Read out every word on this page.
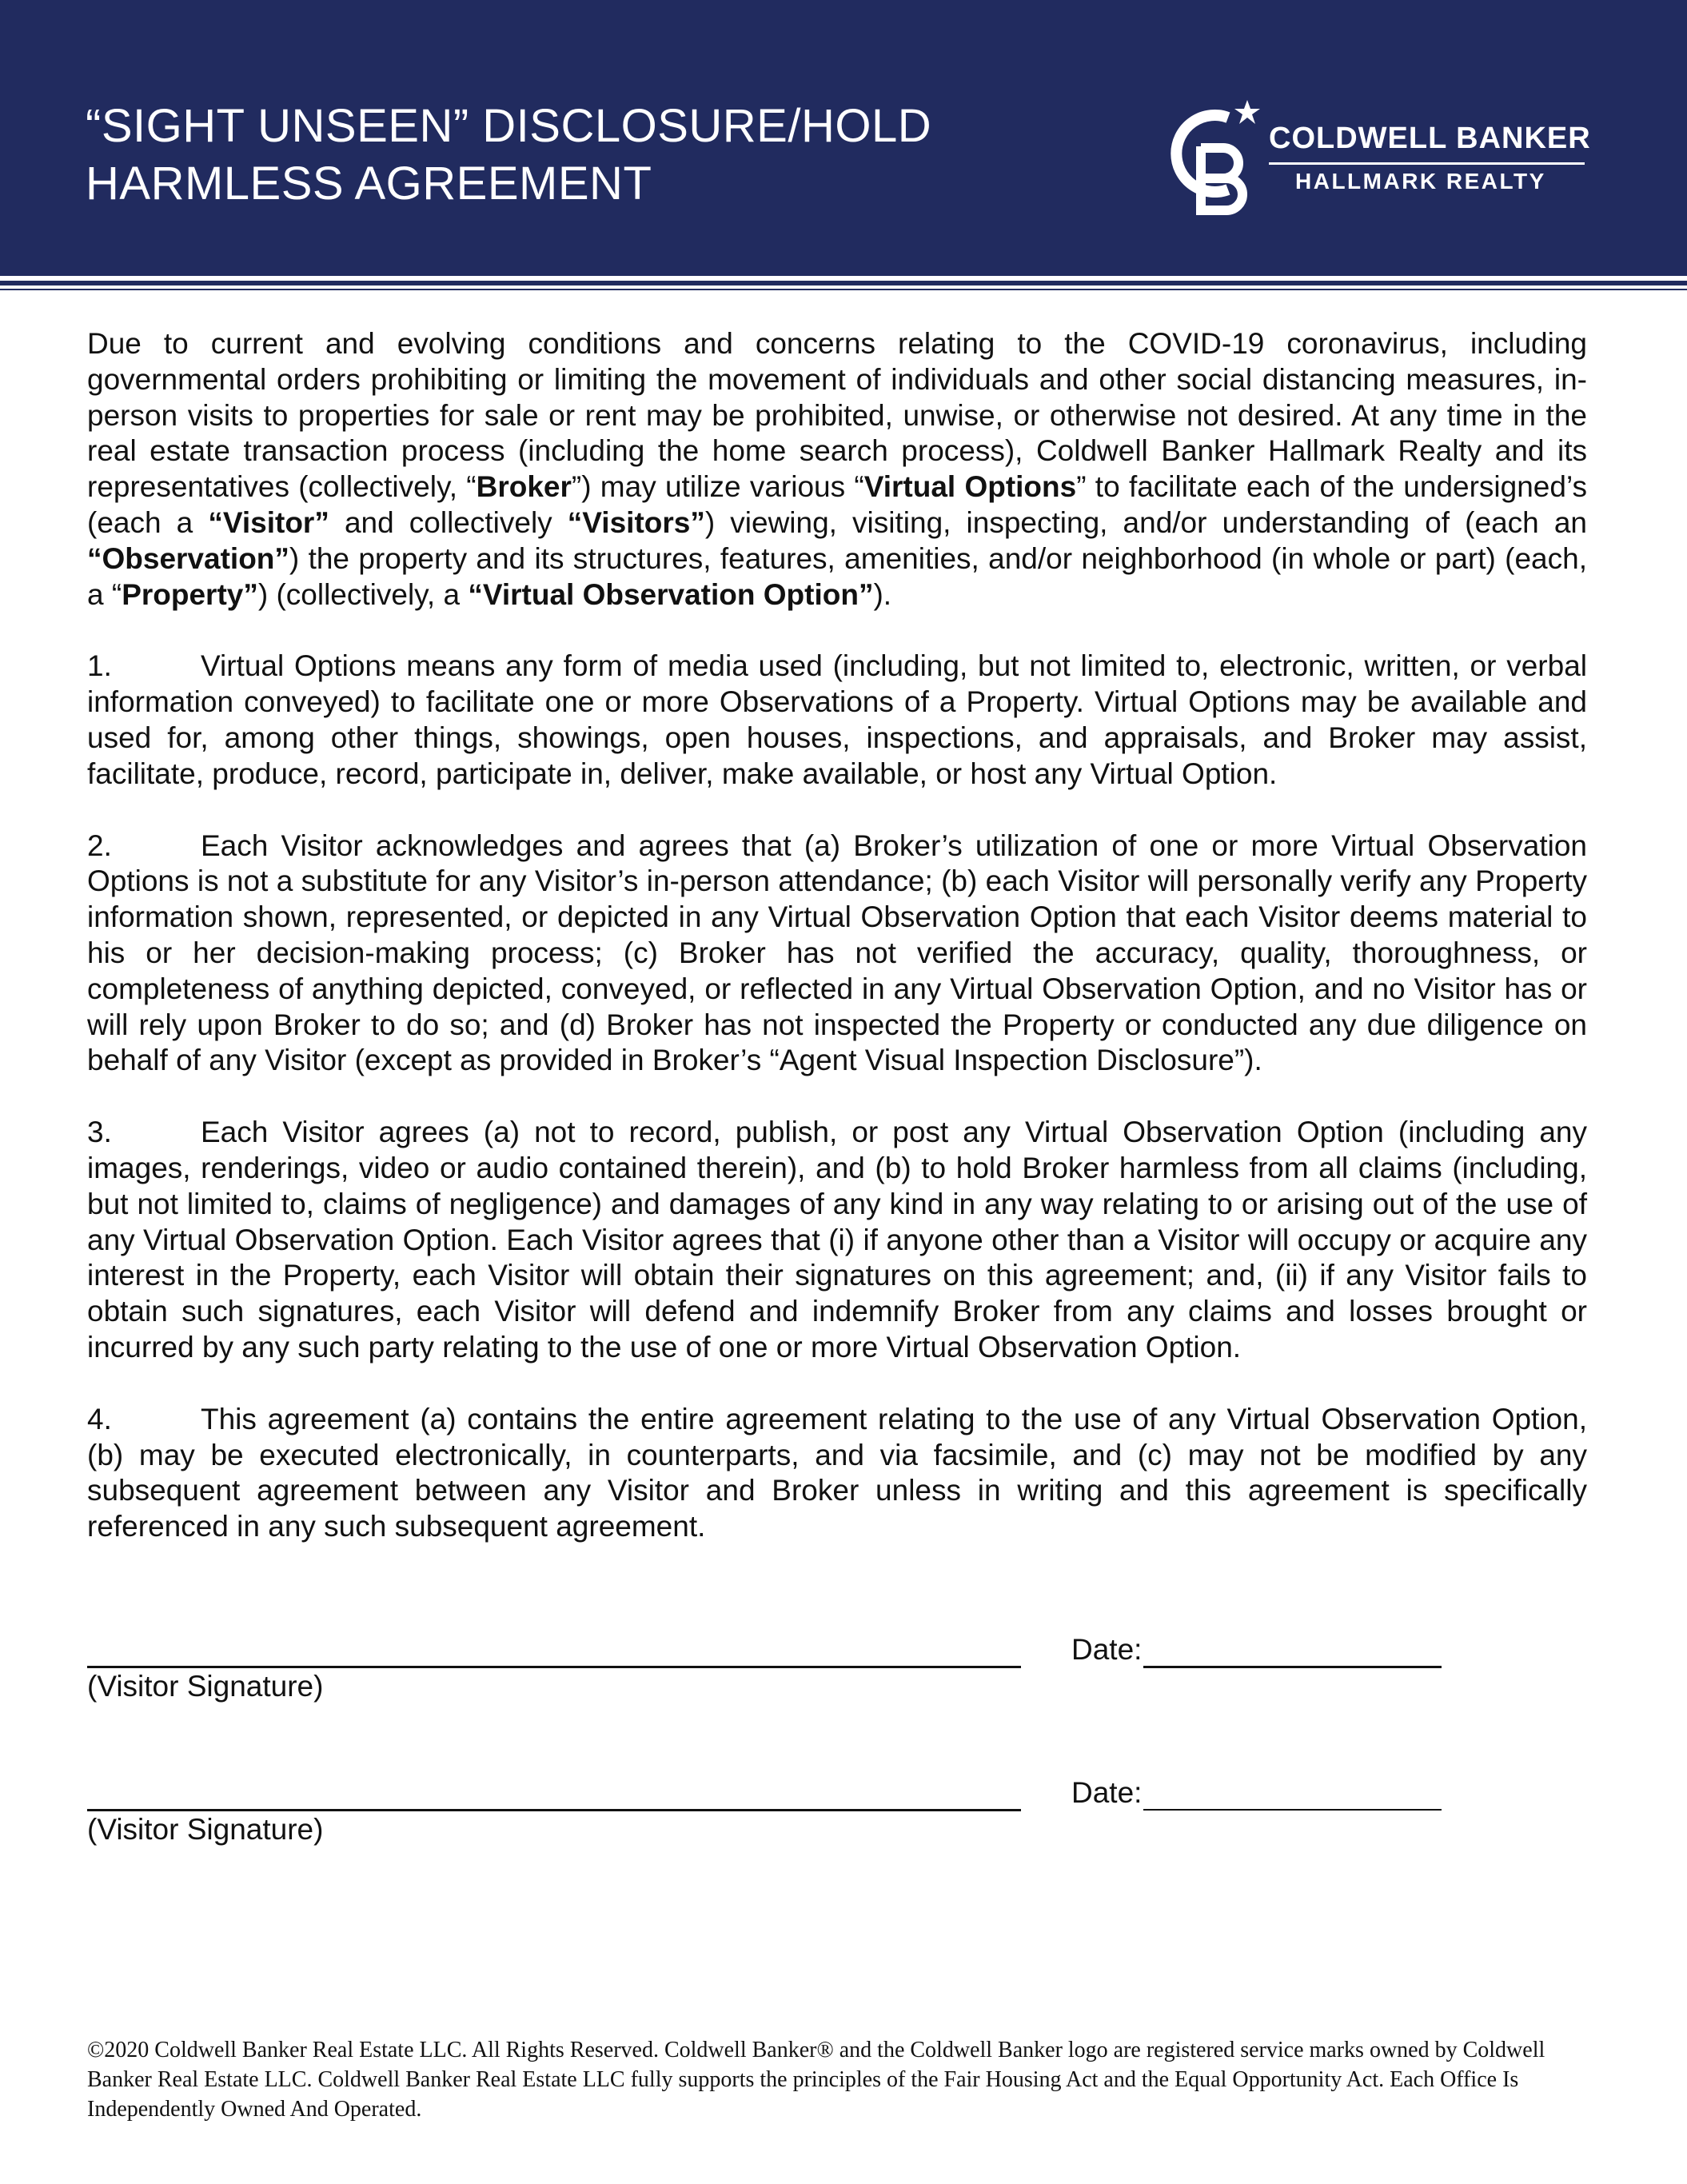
“SIGHT UNSEEN” DISCLOSURE/HOLD
HARMLESS AGREEMENT
COLDWELL BANKER
HALLMARK REALTY

Due to current and evolving conditions and concerns relating to the COVID-19 coronavirus, including governmental orders prohibiting or limiting the movement of individuals and other social distancing measures, in-person visits to properties for sale or rent may be prohibited, unwise, or otherwise not desired. At any time in the real estate transaction process (including the home search process), Coldwell Banker Hallmark Realty and its representatives (collectively, “Broker”) may utilize various “Virtual Options” to facilitate each of the undersigned’s (each a “Visitor” and collectively “Visitors”) viewing, visiting, inspecting, and/or understanding of (each an “Observation”) the property and its structures, features, amenities, and/or neighborhood (in whole or part) (each, a “Property”) (collectively, a “Virtual Observation Option”).

1.	Virtual Options means any form of media used (including, but not limited to, electronic, written, or verbal information conveyed) to facilitate one or more Observations of a Property. Virtual Options may be available and used for, among other things, showings, open houses, inspections, and appraisals, and Broker may assist, facilitate, produce, record, participate in, deliver, make available, or host any Virtual Option.

2.	Each Visitor acknowledges and agrees that (a) Broker’s utilization of one or more Virtual Observation Options is not a substitute for any Visitor’s in-person attendance; (b) each Visitor will personally verify any Property information shown, represented, or depicted in any Virtual Observation Option that each Visitor deems material to his or her decision-making process; (c) Broker has not verified the accuracy, quality, thoroughness, or completeness of anything depicted, conveyed, or reflected in any Virtual Observation Option, and no Visitor has or will rely upon Broker to do so; and (d) Broker has not inspected the Property or conducted any due diligence on behalf of any Visitor (except as provided in Broker’s “Agent Visual Inspection Disclosure”).

3.	Each Visitor agrees (a) not to record, publish, or post any Virtual Observation Option (including any images, renderings, video or audio contained therein), and (b) to hold Broker harmless from all claims (including, but not limited to, claims of negligence) and damages of any kind in any way relating to or arising out of the use of any Virtual Observation Option. Each Visitor agrees that (i) if anyone other than a Visitor will occupy or acquire any interest in the Property, each Visitor will obtain their signatures on this agreement; and, (ii) if any Visitor fails to obtain such signatures, each Visitor will defend and indemnify Broker from any claims and losses brought or incurred by any such party relating to the use of one or more Virtual Observation Option.

4.	This agreement (a) contains the entire agreement relating to the use of any Virtual Observation Option, (b) may be executed electronically, in counterparts, and via facsimile, and (c) may not be modified by any subsequent agreement between any Visitor and Broker unless in writing and this agreement is specifically referenced in any such subsequent agreement.

(Visitor Signature)
Date:
(Visitor Signature)
Date:
©2020 Coldwell Banker Real Estate LLC. All Rights Reserved. Coldwell Banker® and the Coldwell Banker logo are registered service marks owned by Coldwell Banker Real Estate LLC. Coldwell Banker Real Estate LLC fully supports the principles of the Fair Housing Act and the Equal Opportunity Act. Each Office Is Independently Owned And Operated.
